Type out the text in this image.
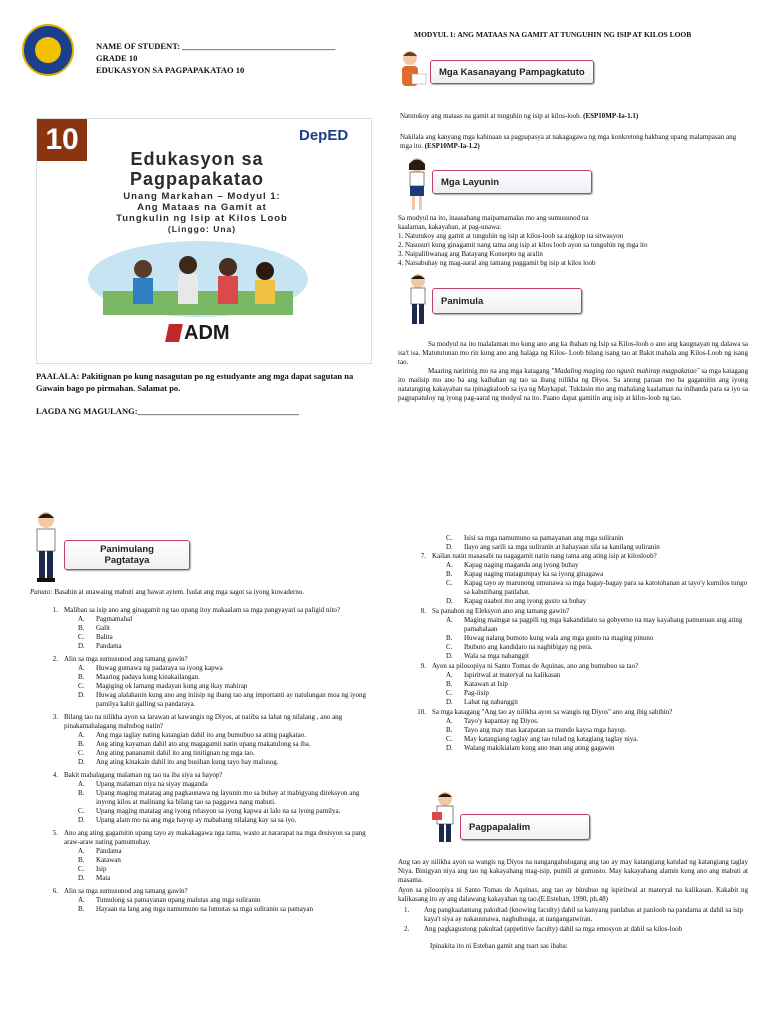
NAME OF STUDENT: ____________________________________
GRADE 10
EDUKASYON SA PAGPAPAKATAO 10
10	DepED
Edukasyon sa
Pagpapakatao
Unang Markahan – Modyul 1:
Ang Mataas na Gamit at
Tungkulin ng Isip at Kilos Loob
(Linggo: Una)
ADM
PAALALA: Pakitignan po kung nasagutan po ng estudyante ang mga dapat sagutan na Gawain bago po pirmahan. Salamat po.
LAGDA NG MAGULANG:______________________________________
MODYUL 1: ANG MATAAS NA GAMIT AT TUNGUHIN NG ISIP AT KILOS LOOB
Mga Kasanayang Pampagkatuto
Natutukoy ang mataas na gamit at tunguhin ng isip at kilos-loob. (ESP10MP-Ia-1.1)
Nakilala ang kanyang mga kahinaan sa pagpapasya at nakagagawa ng mga konkretong hakbang upang malampasan ang mga ito. (ESP10MP-Ia-1.2)
Mga Layunin
Sa modyul na ito, inaasahang maipamamalas mo ang sumusunod na
kaalaman, kakayahan, at pag-unawa:
1. Natutukoy ang gamit at tunguhin ng isip at kilos-loob sa angkop na sitwasyon
2. Nasusuri kung ginagamit nang tama ang isip at kilos loob ayon sa tunguhin ng mga ito
3. Naipaliliwanag ang Batayang Konsepto ng aralin
4. Naisabuhay ng mag-aaral ang tamang paggamit bg isip at kilos loob
Panimula
Sa modyul na ito malalaman mo kung ano ang ka ibahan ng Isip sa Kilos-loob o ano ang kaugnayan ng dalawa sa isa't isa. Matututunan mo rin kung ano ang halaga ng Kilos- Loob bilang isang tao at Bakit mahala ang Kilos-Loob ng isang tao.
Maaring naririnig mo na ang mga katagang "Madaling maging tao ngunit mahirap magpakatao" sa mga katagang ito maiisip mo ano ba ang kaibahan ng tao sa ibang nilikha ng Diyos. Sa anong paraan mo ba gagamitin ang iyong natatanging kakayahan na ipinagkaloob sa iya ng Maykapal. Tuklasin mo ang mahalang kaalaman na inihanda para sa iyo sa pagpapatuloy ng iyong pag-aaral ng modyul na ito. Paano dapat gamitin ang isip at kilos-loob ng tao.
Panimulang
Pagtataya
Panuto: Basahin at unawaing mabuti ang bawat aytem. Isulat ang mga sagot sa iyong kuwaderno.
1. Maliban sa isip ano ang ginagamit ng tao upang itoy makaalam sa mga pangyayari sa paligid nito?
A.	Pagmamahal
B.	Galit
C.	Balita
D.	Pandama
2. Alin sa mga sumusunod ang tamang gawin?
A.	Huwag gumawa ng padaraya sa iyong kapwa
B.	Maaring padaya kung kinakailangan.
C.	Magiging ok lamang madayan kung ang ikay mahirap
D.	Huwag alalahanin kung ano ang iniisip ng ibang tao ang importanti ay natulungan moa ng iyong pamilya kahit galling sa pandaraya.
3. Bilang tao na nilikha ayon sa larawan at kawangis ng Diyos, at naiiba sa lahat ng nilalang , ano ang pinakamahalagang mahubog natin?
A.	Ang mga taglay nating katangian dahil ito ang bumubuo sa ating pagkatao.
B.	Ang ating kayaman dahil ato ang magagamit natin upang makatulong sa iba.
C.	Ang ating pananamit dahil ito ang tinitignan ng mga tao.
D.	Ang ating kinakain dahil ito ang busihan kung tayo bay malusog.
4. Bakit mahalagang malaman ng tao na iba siya sa hayop?
A.	Upang malaman niya na siyay maganda
B.	Upang maging matatag ang pagkaunawa ng layunin mo sa buhay at mabigyang direksyon ang inyong kilos at malinang ka bilang tao sa paggawa nang mabuti.
C.	Upang maging matatag ang iyong relasyon sa iyong kapwa at lalo na sa iyong pamilya.
D.	Upang alam mo na ang mga hayop ay mababang nilalang kay sa sa iyo.
5. Ano ang ating gagamitin upang tayo ay makakagawa nga tama, wasto at nararapat na mga desisyon sa pang araw-araw nating pamumuhay.
A.	Pandama
B.	Katawan
C.	Isip
D.	Mata
6. Alin sa mga sumusunod ang tamang gawin?
A.	Tumulong sa pamayanan upang malutas ang mga suliranin
B.	Hayaan na lang ang mga namumuno na lumutas sa mga suliranin sa pamayan
C.	Isisi sa mga namumuno sa pamayanan ang mga suliranin
D.	Ilayo ang sarili sa mga suliranin at hahayaan sila sa kanilang suliranin
7. Kailan natin masasabi na nagagamit natin nang tama ang ating isip at kilosloob?
A.	Kapag naging maganda ang iyong buhay
B.	Kapag naging matagumpay ka sa iyong ginagawa
C.	Kapag tayo ay marunong umunawa sa mga bagay-bagay para sa katotohanan at tayo'y kumilos tungo sa kabutihang panlahat.
D.	Kapag naabot mo ang iyong gusto sa buhay
8. Sa panahon ng Eleksyon ano ang tamang gawin?
A.	Maging maingat sa pagpili ng mga kakandidato sa gobyerno na may kayahang pamunuan ang ating pamahalaan
B.	Huwag nalang bumoto kung wala ang mga gusto na maging pinuno
C.	Ibubuto ang kandidato na nagbibigay ng pera.
D.	Wala sa mga nabanggit
9. Ayon sa pilosopiya ni Santo Tomas de Aquinas, ano ang bumubuo sa tao?
A.	Ispiritwal at materyal na kalikasan
B.	Katawan at Isip
C.	Pag-iisip
D.	Lahat ng nabanggit
10. Sa mga katagang "Ang tao ay nilikha ayon sa wangis ng Diyos" ano ang ibig sabihin?
A.	Tayo'y kapantay ng Diyos.
B.	Tayo ang may mas karapatan sa mundo kaysa mga hayop.
C.	May katangiang taglay ang tao tulad ng katagiang taglay niya.
D.	Walang makikialam kung ano man ang ating gagawin
Pagpapalalim
Ang tao ay nilikha ayon sa wangis ng Diyos na nangangahulugang ang tao ay may katangiang katulad ng katangiang taglay Niya. Binigyan niya ang tao ng kakayahang mag-isip, pumili at gumusto. May kakayahang alamin kung ano ang mabuti at masama.
Ayon sa pilosopiya ni Santo Tomas de Aquinas, ang tao ay binubuo ng ispiritwal at materyal na kalikasan. Kakabit ng kalikasang ito ay ang dalawang kakayahan ng tao.(E.Esteban, 1990, ph.48)
1.	Ang pangkaalamang pakultad (knowing faculty) dahil sa kanyang panlabas at panloob na pandama at dahil sa isip kaya't siya ay nakauunawa, naghuhusga, at nangangatwiran.
2.	Ang pagkagustong pakultad (appetitive faculty) dahil sa mga emosyon at dahil sa kilos-loob
Ipinakita ito ni Esteban gamit ang tsart sas ibaba:
